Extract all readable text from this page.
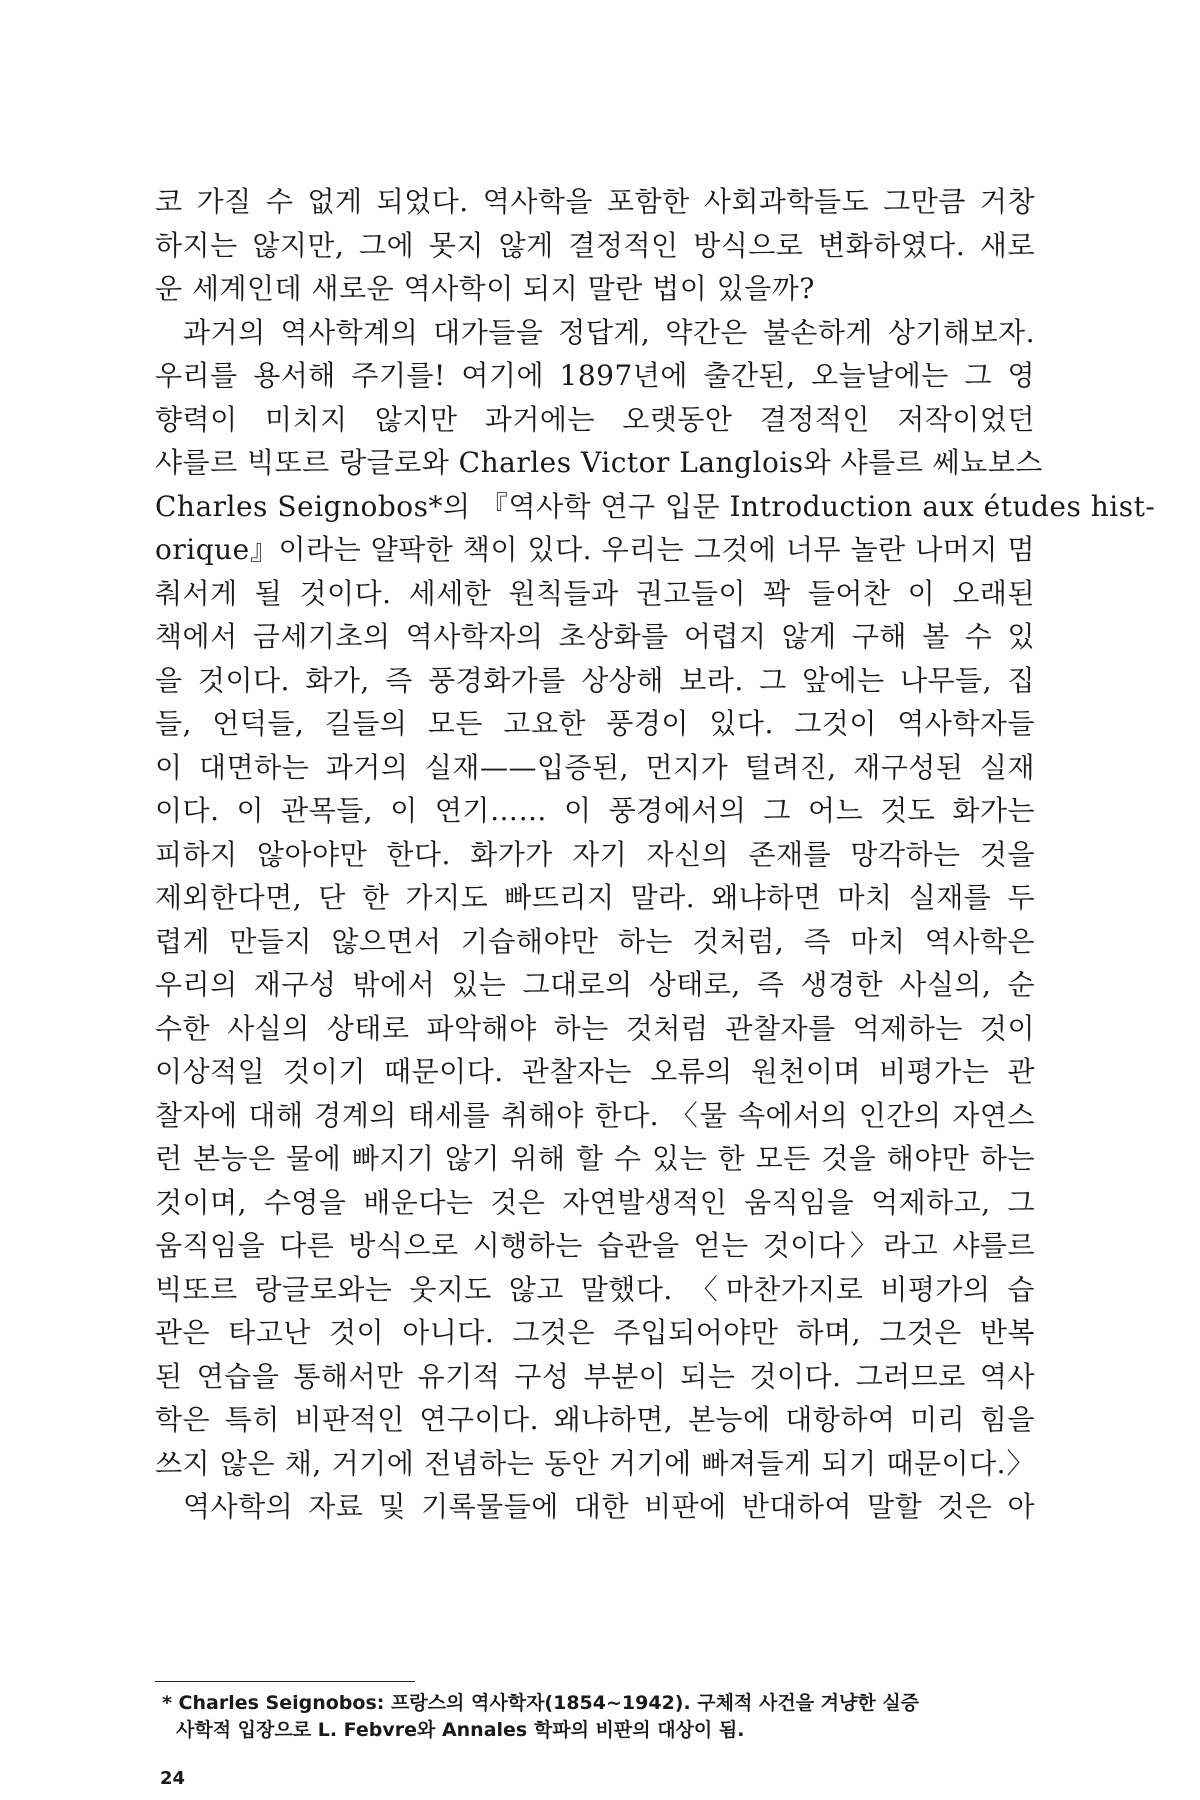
코 가질 수 없게 되었다. 역사학을 포함한 사회과학들도 그만큼 거창
하지는 않지만, 그에 못지 않게 결정적인 방식으로 변화하였다. 새로
운 세계인데 새로운 역사학이 되지 말란 법이 있을까?
과거의 역사학계의 대가들을 정답게, 약간은 불손하게 상기해보자.
우리를 용서해 주기를! 여기에 1897년에 출간된, 오늘날에는 그 영
향력이 미치지 않지만 과거에는 오랫동안 결정적인 저작이었던
샤를르 빅또르 랑글로와 Charles Victor Langlois와 샤를르 쎄뇨보스
Charles Seignobos*의 『역사학 연구 입문 Introduction aux études hist-
orique』이라는 얄팍한 책이 있다. 우리는 그것에 너무 놀란 나머지 멈
춰서게 될 것이다. 세세한 원칙들과 권고들이 꽉 들어찬 이 오래된
책에서 금세기초의 역사학자의 초상화를 어렵지 않게 구해 볼 수 있
을 것이다. 화가, 즉 풍경화가를 상상해 보라. 그 앞에는 나무들, 집
들, 언덕들, 길들의 모든 고요한 풍경이 있다. 그것이 역사학자들
이 대면하는 과거의 실재——입증된, 먼지가 털려진, 재구성된 실재
이다. 이 관목들, 이 연기…… 이 풍경에서의 그 어느 것도 화가는
피하지 않아야만 한다. 화가가 자기 자신의 존재를 망각하는 것을
제외한다면, 단 한 가지도 빠뜨리지 말라. 왜냐하면 마치 실재를 두
렵게 만들지 않으면서 기습해야만 하는 것처럼, 즉 마치 역사학은
우리의 재구성 밖에서 있는 그대로의 상태로, 즉 생경한 사실의, 순
수한 사실의 상태로 파악해야 하는 것처럼 관찰자를 억제하는 것이
이상적일 것이기 때문이다. 관찰자는 오류의 원천이며 비평가는 관
찰자에 대해 경계의 태세를 취해야 한다. 〈물 속에서의 인간의 자연스
런 본능은 물에 빠지기 않기 위해 할 수 있는 한 모든 것을 해야만 하는
것이며, 수영을 배운다는 것은 자연발생적인 움직임을 억제하고, 그
움직임을 다른 방식으로 시행하는 습관을 얻는 것이다〉라고 샤를르
빅또르 랑글로와는 웃지도 않고 말했다. 〈마찬가지로 비평가의 습
관은 타고난 것이 아니다. 그것은 주입되어야만 하며, 그것은 반복
된 연습을 통해서만 유기적 구성 부분이 되는 것이다. 그러므로 역사
학은 특히 비판적인 연구이다. 왜냐하면, 본능에 대항하여 미리 힘을
쓰지 않은 채, 거기에 전념하는 동안 거기에 빠져들게 되기 때문이다.〉
역사학의 자료 및 기록물들에 대한 비판에 반대하여 말할 것은 아
* Charles Seignobos: 프랑스의 역사학자(1854~1942). 구체적 사건을 겨냥한 실증
사학적 입장으로 L. Febvre와 Annales 학파의 비판의 대상이 됨.
24
